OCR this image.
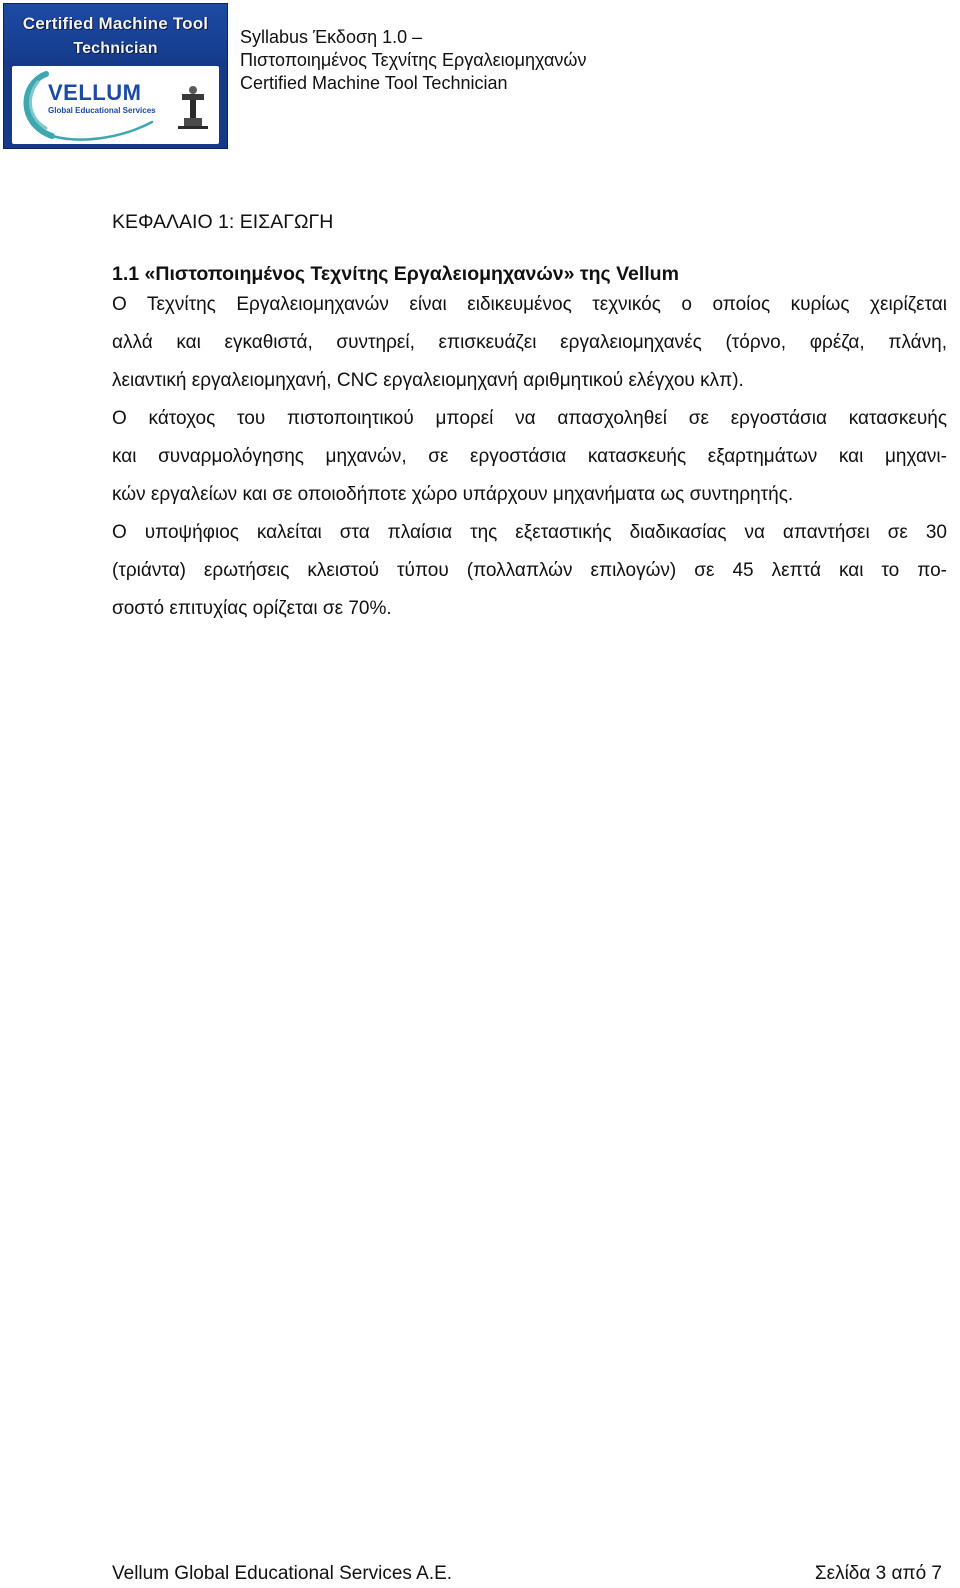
Certified Machine Tool
Technician
VELLUM
Global Educational Services
Syllabus Έκδοση 1.0 –
Πιστοποιημένος Τεχνίτης Εργαλειομηχανών
Certified Machine Tool Technician
ΚΕΦΑΛΑΙΟ 1: ΕΙΣΑΓΩΓΗ
1.1 «Πιστοποιημένος Τεχνίτης Εργαλειομηχανών» της Vellum

Ο Τεχνίτης Εργαλειομηχανών είναι ειδικευμένος τεχνικός ο οποίος κυρίως χειρίζεται
αλλά και εγκαθιστά, συντηρεί, επισκευάζει εργαλειομηχανές (τόρνο, φρέζα, πλάνη,
λειαντική εργαλειομηχανή, CNC εργαλειομηχανή αριθμητικού ελέγχου κλπ).

Ο κάτοχος του πιστοποιητικού μπορεί να απασχοληθεί σε εργοστάσια κατασκευής
και συναρμολόγησης μηχανών, σε εργοστάσια κατασκευής εξαρτημάτων και μηχανι-
κών εργαλείων και σε οποιοδήποτε χώρο υπάρχουν μηχανήματα ως συντηρητής.

Ο υποψήφιος καλείται στα πλαίσια της εξεταστικής διαδικασίας να απαντήσει σε 30
(τριάντα) ερωτήσεις κλειστού τύπου (πολλαπλών επιλογών) σε 45 λεπτά και το πο-
σοστό επιτυχίας ορίζεται σε 70%.

Vellum Global Educational Services A.E.	Σελίδα 3 από 7
